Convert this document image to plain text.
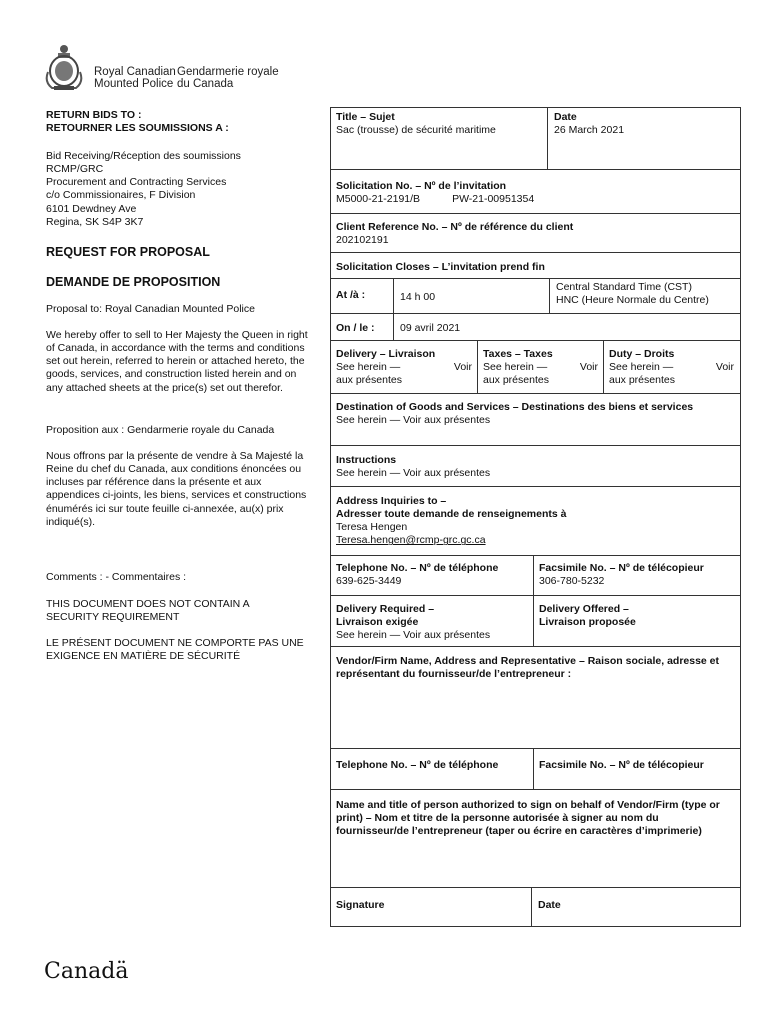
Royal CanadianGendarmerie royale
Mounted Police du Canada
RETURN BIDS TO :
RETOURNER LES SOUMISSIONS A :
Bid Receiving/Réception des soumissions
RCMP/GRC
Procurement and Contracting Services
c/o Commissionaires, F Division
6101 Dewdney Ave
Regina, SK S4P 3K7
REQUEST FOR PROPOSAL
DEMANDE DE PROPOSITION
Proposal to: Royal Canadian Mounted Police
We hereby offer to sell to Her Majesty the Queen in right of Canada, in accordance with the terms and conditions set out herein, referred to herein or attached hereto, the goods, services, and construction listed herein and on any attached sheets at the price(s) set out therefor.
Proposition aux : Gendarmerie royale du Canada
Nous offrons par la présente de vendre à Sa Majesté la Reine du chef du Canada, aux conditions énoncées ou incluses par référence dans la présente et aux appendices ci-joints, les biens, services et constructions énumérés ici sur toute feuille ci-annexée, au(x) prix indiqué(s).
Comments : - Commentaires :
THIS DOCUMENT DOES NOT CONTAIN A SECURITY REQUIREMENT
LE PRÉSENT DOCUMENT NE COMPORTE PAS UNE EXIGENCE EN MATIÈRE DE SÉCURITÉ
Title – Sujet
Sac (trousse) de sécurité maritime
Date
26 March 2021
Solicitation No. – Nº de l’invitation
M5000-21-2191/B	PW-21-00951354
Client Reference No. – Nº de référence du client
202102191
Solicitation Closes – L’invitation prend fin
At /à :	14 h 00
Central Standard Time (CST)
HNC (Heure Normale du Centre)
On / le :	09 avril 2021
Delivery – Livraison
See herein —	Voir
aux présentes
Taxes – Taxes
See herein —	Voir
aux présentes
Duty – Droits
See herein —	Voir
aux présentes
Destination of Goods and Services – Destinations des biens et services
See herein — Voir aux présentes
Instructions
See herein — Voir aux présentes
Address Inquiries to –
Adresser toute demande de renseignements à
Teresa Hengen
Teresa.hengen@rcmp-grc.gc.ca
Telephone No. – Nº de téléphone
639-625-3449
Facsimile No. – Nº de télécopieur
306-780-5232
Delivery Required –
Livraison exigée
See herein — Voir aux présentes
Delivery Offered –
Livraison proposée
Vendor/Firm Name, Address and Representative – Raison sociale, adresse et représentant du fournisseur/de l’entrepreneur :
Telephone No. – Nº de téléphone	Facsimile No. – Nº de télécopieur
Name and title of person authorized to sign on behalf of Vendor/Firm (type or print) – Nom et titre de la personne autorisée à signer au nom du fournisseur/de l’entrepreneur (taper ou écrire en caractères d’imprimerie)
Signature	Date
Canadä
